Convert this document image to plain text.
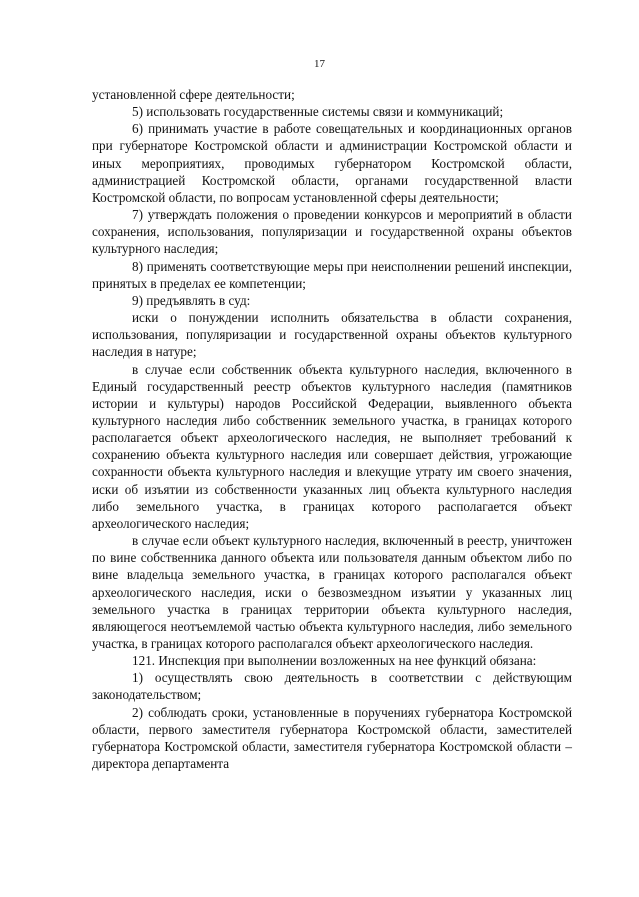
17

установленной сфере деятельности;

5) использовать государственные системы связи и коммуникаций;

6) принимать участие в работе совещательных и координационных органов при губернаторе Костромской области и администрации Костромской области и иных мероприятиях, проводимых губернатором Костромской области, администрацией Костромской области, органами государственной власти Костромской области, по вопросам установленной сферы деятельности;

7) утверждать положения о проведении конкурсов и мероприятий в области сохранения, использования, популяризации и государственной охраны объектов культурного наследия;

8) применять соответствующие меры при неисполнении решений инспекции, принятых в пределах ее компетенции;

9) предъявлять в суд:

иски о понуждении исполнить обязательства в области сохранения, использования, популяризации и государственной охраны объектов культурного наследия в натуре;

в случае если собственник объекта культурного наследия, включенного в Единый государственный реестр объектов культурного наследия (памятников истории и культуры) народов Российской Федерации, выявленного объекта культурного наследия либо собственник земельного участка, в границах которого располагается объект археологического наследия, не выполняет требований к сохранению объекта культурного наследия или совершает действия, угрожающие сохранности объекта культурного наследия и влекущие утрату им своего значения, иски об изъятии из собственности указанных лиц объекта культурного наследия либо земельного участка, в границах которого располагается объект археологического наследия;

в случае если объект культурного наследия, включенный в реестр, уничтожен по вине собственника данного объекта или пользователя данным объектом либо по вине владельца земельного участка, в границах которого располагался объект археологического наследия, иски о безвозмездном изъятии у указанных лиц земельного участка в границах территории объекта культурного наследия, являющегося неотъемлемой частью объекта культурного наследия, либо земельного участка, в границах которого располагался объект археологического наследия.

121. Инспекция при выполнении возложенных на нее функций обязана:

1) осуществлять свою деятельность в соответствии с действующим законодательством;

2) соблюдать сроки, установленные в поручениях губернатора Костромской области, первого заместителя губернатора Костромской области, заместителей губернатора Костромской области, заместителя губернатора Костромской области – директора департамента
